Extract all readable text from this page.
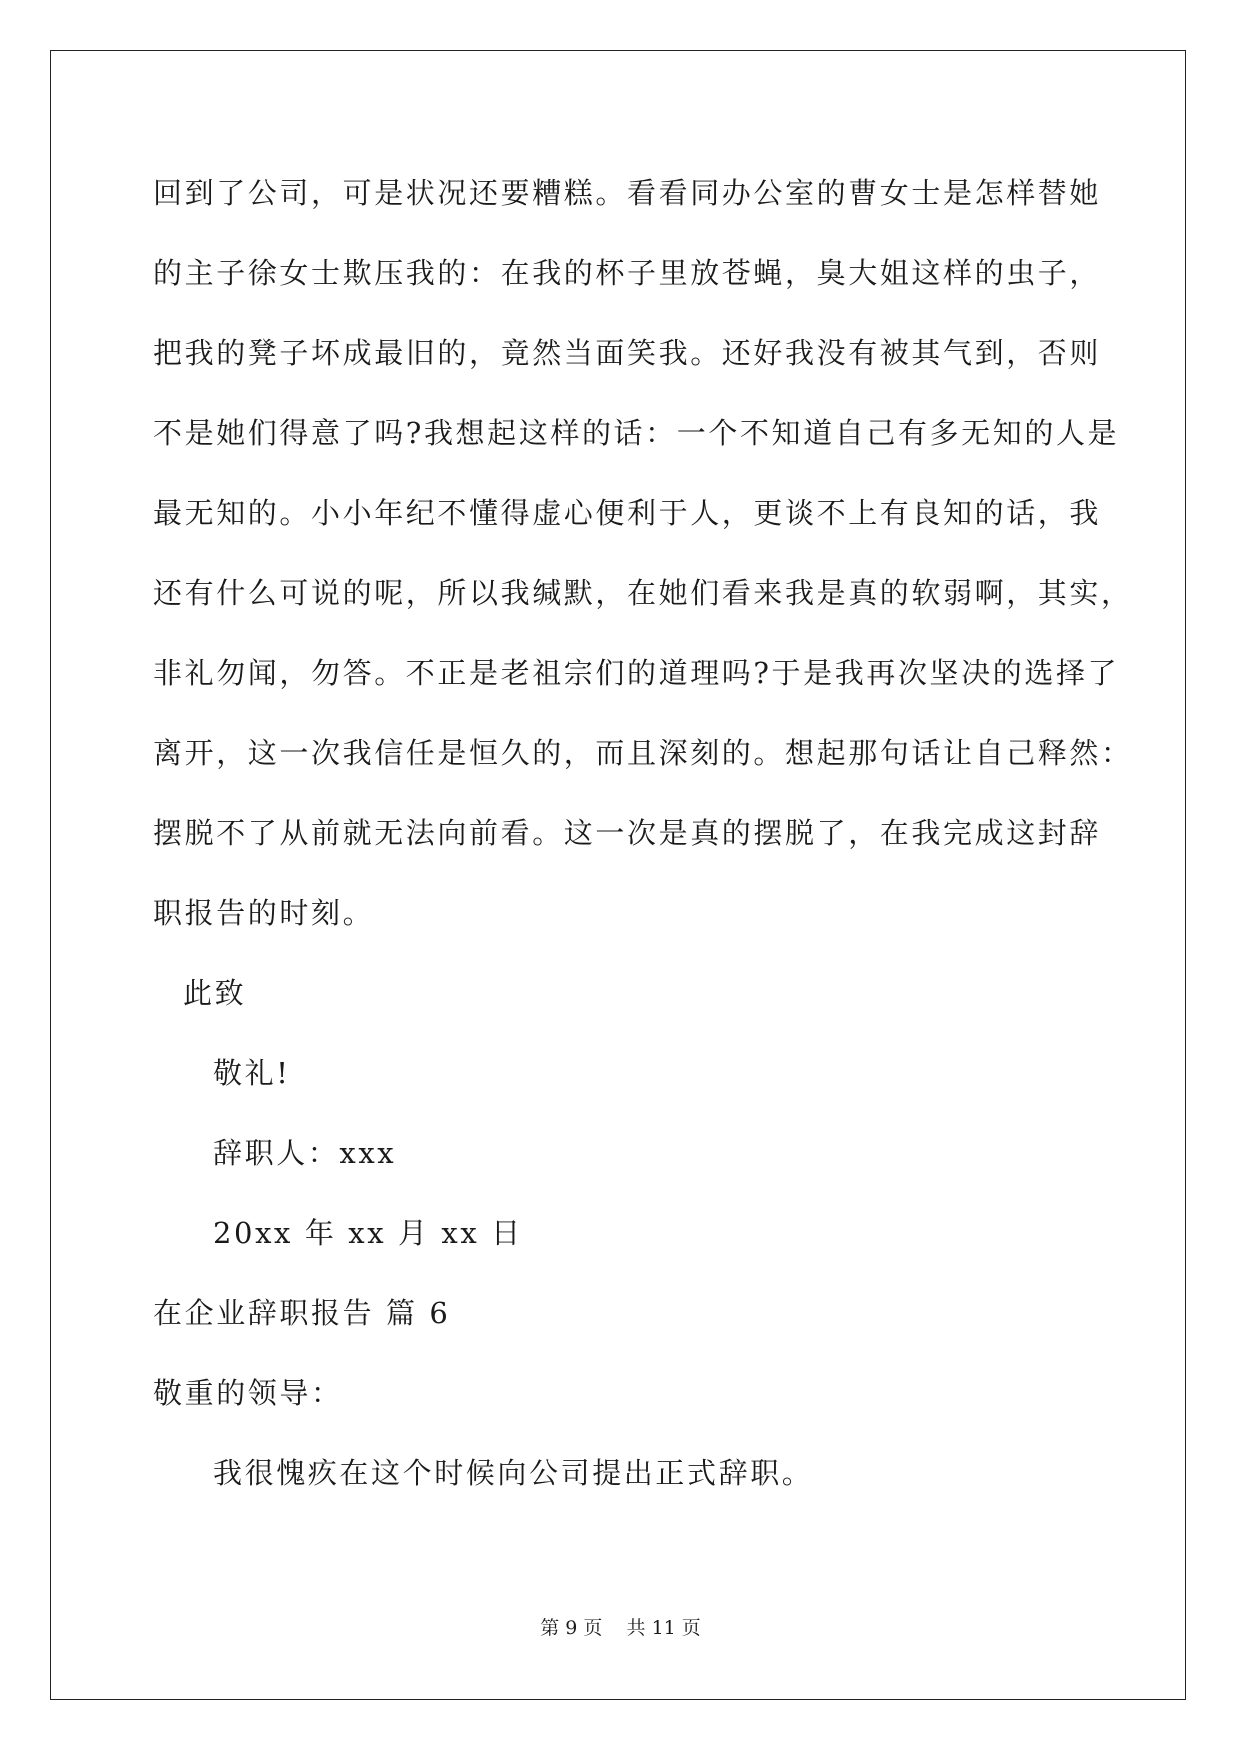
回到了公司，可是状况还要糟糕。看看同办公室的曹女士是怎样替她
的主子徐女士欺压我的：在我的杯子里放苍蝇，臭大姐这样的虫子，
把我的凳子坏成最旧的，竟然当面笑我。还好我没有被其气到，否则
不是她们得意了吗?我想起这样的话：一个不知道自己有多无知的人是
最无知的。小小年纪不懂得虚心便利于人，更谈不上有良知的话，我
还有什么可说的呢，所以我缄默，在她们看来我是真的软弱啊，其实，
非礼勿闻，勿答。不正是老祖宗们的道理吗?于是我再次坚决的选择了
离开，这一次我信任是恒久的，而且深刻的。想起那句话让自己释然：
摆脱不了从前就无法向前看。这一次是真的摆脱了，在我完成这封辞
职报告的时刻。
此致
敬礼!
辞职人：xxx
20xx 年 xx 月 xx 日
在企业辞职报告 篇 6
敬重的领导：
我很愧疚在这个时候向公司提出正式辞职。
第 9 页    共 11 页
